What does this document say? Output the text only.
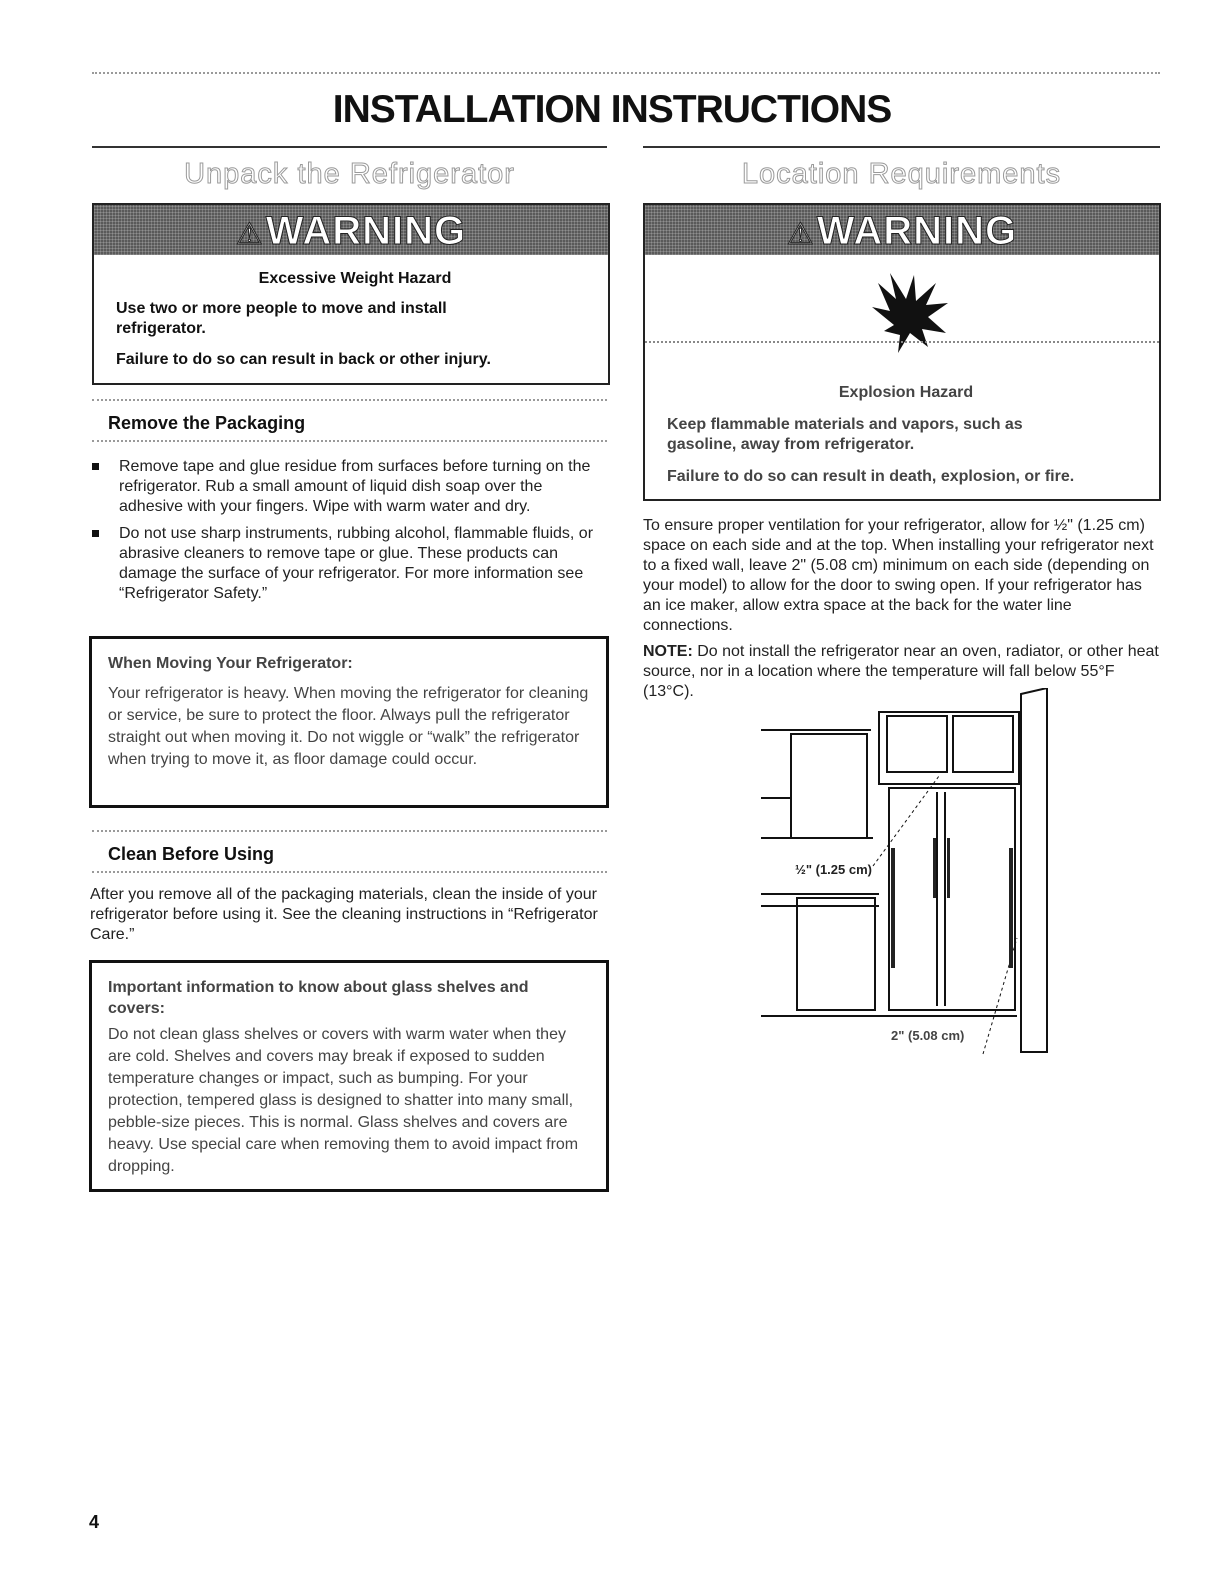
INSTALLATION INSTRUCTIONS
Unpack the Refrigerator
⚠WARNING
Excessive Weight Hazard
Use two or more people to move and install refrigerator.
Failure to do so can result in back or other injury.
Remove the Packaging
Remove tape and glue residue from surfaces before turning on the refrigerator. Rub a small amount of liquid dish soap over the adhesive with your fingers. Wipe with warm water and dry.
Do not use sharp instruments, rubbing alcohol, flammable fluids, or abrasive cleaners to remove tape or glue. These products can damage the surface of your refrigerator. For more information see “Refrigerator Safety.”
When Moving Your Refrigerator:
Your refrigerator is heavy. When moving the refrigerator for cleaning or service, be sure to protect the floor. Always pull the refrigerator straight out when moving it. Do not wiggle or “walk” the refrigerator when trying to move it, as floor damage could occur.
Clean Before Using
After you remove all of the packaging materials, clean the inside of your refrigerator before using it. See the cleaning instructions in “Refrigerator Care.”
Important information to know about glass shelves and covers:
Do not clean glass shelves or covers with warm water when they are cold. Shelves and covers may break if exposed to sudden temperature changes or impact, such as bumping. For your protection, tempered glass is designed to shatter into many small, pebble-size pieces. This is normal. Glass shelves and covers are heavy. Use special care when removing them to avoid impact from dropping.
Location Requirements
⚠WARNING
Explosion Hazard
Keep flammable materials and vapors, such as gasoline, away from refrigerator.
Failure to do so can result in death, explosion, or fire.
To ensure proper ventilation for your refrigerator, allow for ½" (1.25 cm) space on each side and at the top. When installing your refrigerator next to a fixed wall, leave 2" (5.08 cm) minimum on each side (depending on your model) to allow for the door to swing open. If your refrigerator has an ice maker, allow extra space at the back for the water line connections.
NOTE: Do not install the refrigerator near an oven, radiator, or other heat source, nor in a location where the temperature will fall below 55°F (13°C).
½" (1.25 cm)
2" (5.08 cm)
4
